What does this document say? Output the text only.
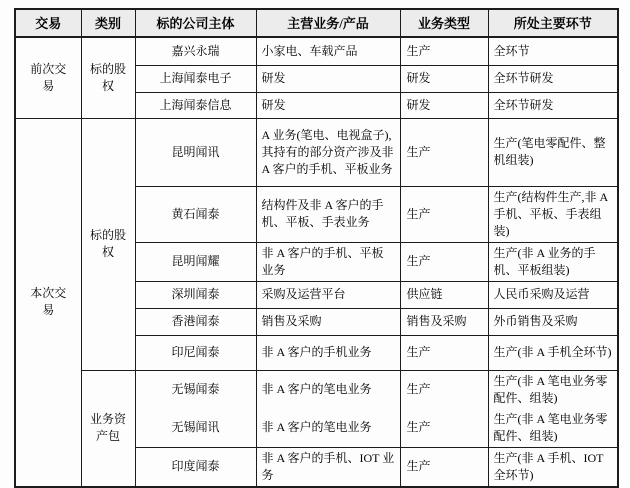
交易	类别	标的公司主体	主营业务/产品	业务类型	所处主要环节
前次交易	标的股权	嘉兴永瑞	小家电、车载产品	生产	全环节
		上海闻泰电子	研发	研发	全环节研发
		上海闻泰信息	研发	研发	全环节研发
本次交易	标的股权	昆明闻讯	A 业务(笔电、电视盒子),其持有的部分资产涉及非 A 客户的手机、平板业务	生产	生产(笔电零配件、整机组装)
		黄石闻泰	结构件及非 A 客户的手机、平板、手表业务	生产	生产(结构件生产,非 A 手机、平板、手表组装)
		昆明闻耀	非 A 客户的手机、平板业务	生产	生产(非 A 业务的手机、平板组装)
		深圳闻泰	采购及运营平台	供应链	人民币采购及运营
		香港闻泰	销售及采购	销售及采购	外币销售及采购
		印尼闻泰	非 A 客户的手机业务	生产	生产(非 A 手机全环节)
	业务资产包	无锡闻泰	非 A 客户的笔电业务	生产	生产(非 A 笔电业务零配件、组装)
		无锡闻讯	非 A 客户的笔电业务	生产	生产(非 A 笔电业务零配件、组装)
		印度闻泰	非 A 客户的手机、IOT 业务	生产	生产(非 A 手机、IOT 全环节)
